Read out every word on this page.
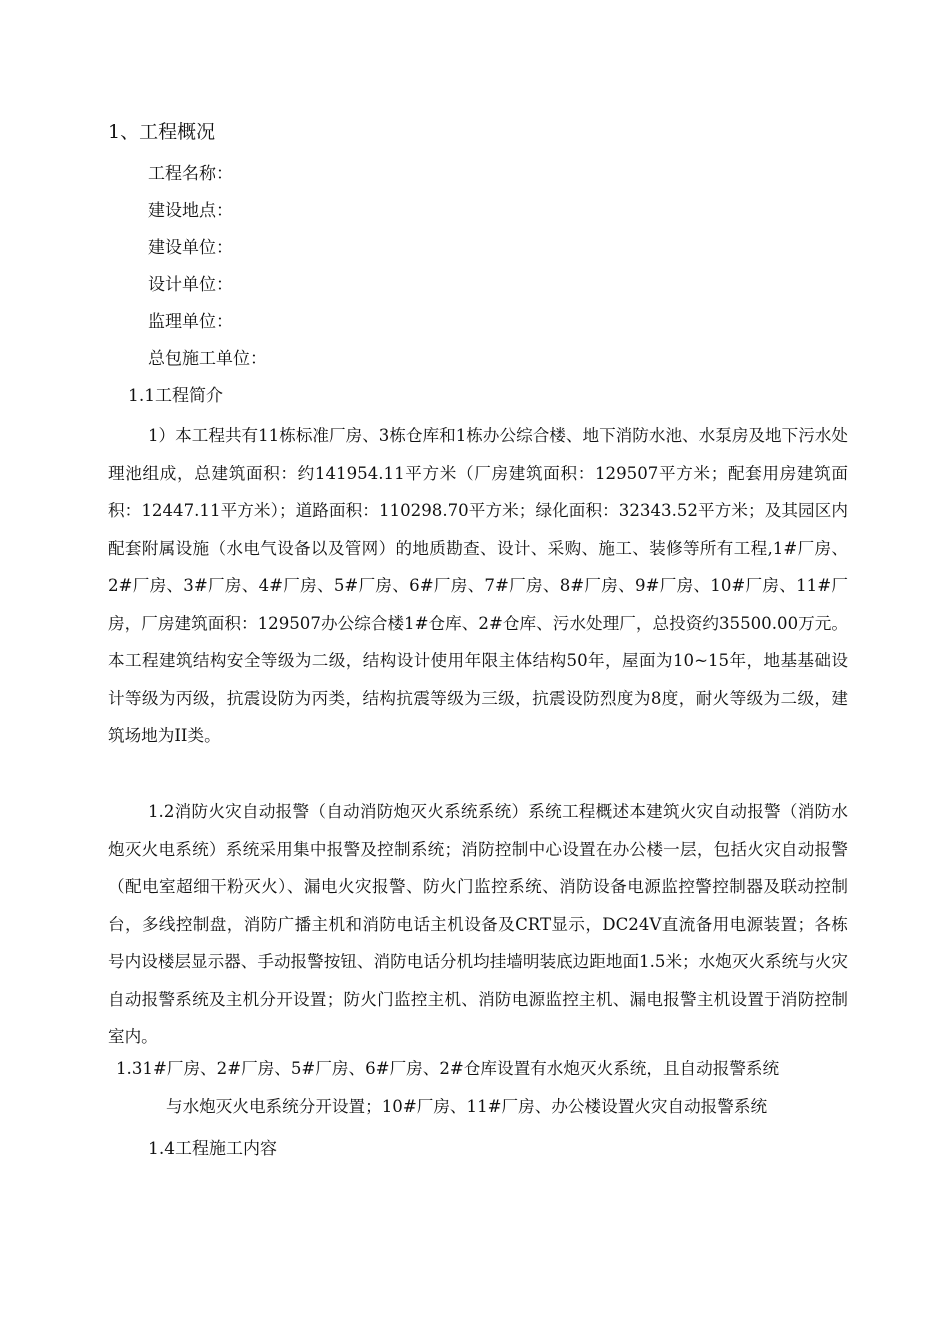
1、工程概况
工程名称：
建设地点：
建设单位：
设计单位：
监理单位：
总包施工单位：
1.1工程简介

1）本工程共有11栋标准厂房、3栋仓库和1栋办公综合楼、地下消防水池、水泵房及地下污水处理池组成，总建筑面积：约141954.11平方米（厂房建筑面积：129507平方米；配套用房建筑面积：12447.11平方米）；道路面积：110298.70平方米；绿化面积：32343.52平方米；及其园区内配套附属设施（水电气设备以及管网）的地质勘查、设计、采购、施工、装修等所有工程,1#厂房、2#厂房、3#厂房、4#厂房、5#厂房、6#厂房、7#厂房、8#厂房、9#厂房、10#厂房、11#厂房，厂房建筑面积：129507办公综合楼1#仓库、2#仓库、污水处理厂，总投资约35500.00万元。本工程建筑结构安全等级为二级，结构设计使用年限主体结构50年，屋面为10~15年，地基基础设计等级为丙级，抗震设防为丙类，结构抗震等级为三级，抗震设防烈度为8度，耐火等级为二级，建筑场地为II类。

1.2消防火灾自动报警（自动消防炮灭火系统系统）系统工程概述本建筑火灾自动报警（消防水炮灭火电系统）系统采用集中报警及控制系统；消防控制中心设置在办公楼一层，包括火灾自动报警（配电室超细干粉灭火）、漏电火灾报警、防火门监控系统、消防设备电源监控警控制器及联动控制台，多线控制盘，消防广播主机和消防电话主机设备及CRT显示，DC24V直流备用电源装置；各栋号内设楼层显示器、手动报警按钮、消防电话分机均挂墙明装底边距地面1.5米；水炮灭火系统与火灾自动报警系统及主机分开设置；防火门监控主机、消防电源监控主机、漏电报警主机设置于消防控制室内。

1.31#厂房、2#厂房、5#厂房、6#厂房、2#仓库设置有水炮灭火系统，且自动报警系统
与水炮灭火电系统分开设置；10#厂房、11#厂房、办公楼设置火灾自动报警系统
1.4工程施工内容
